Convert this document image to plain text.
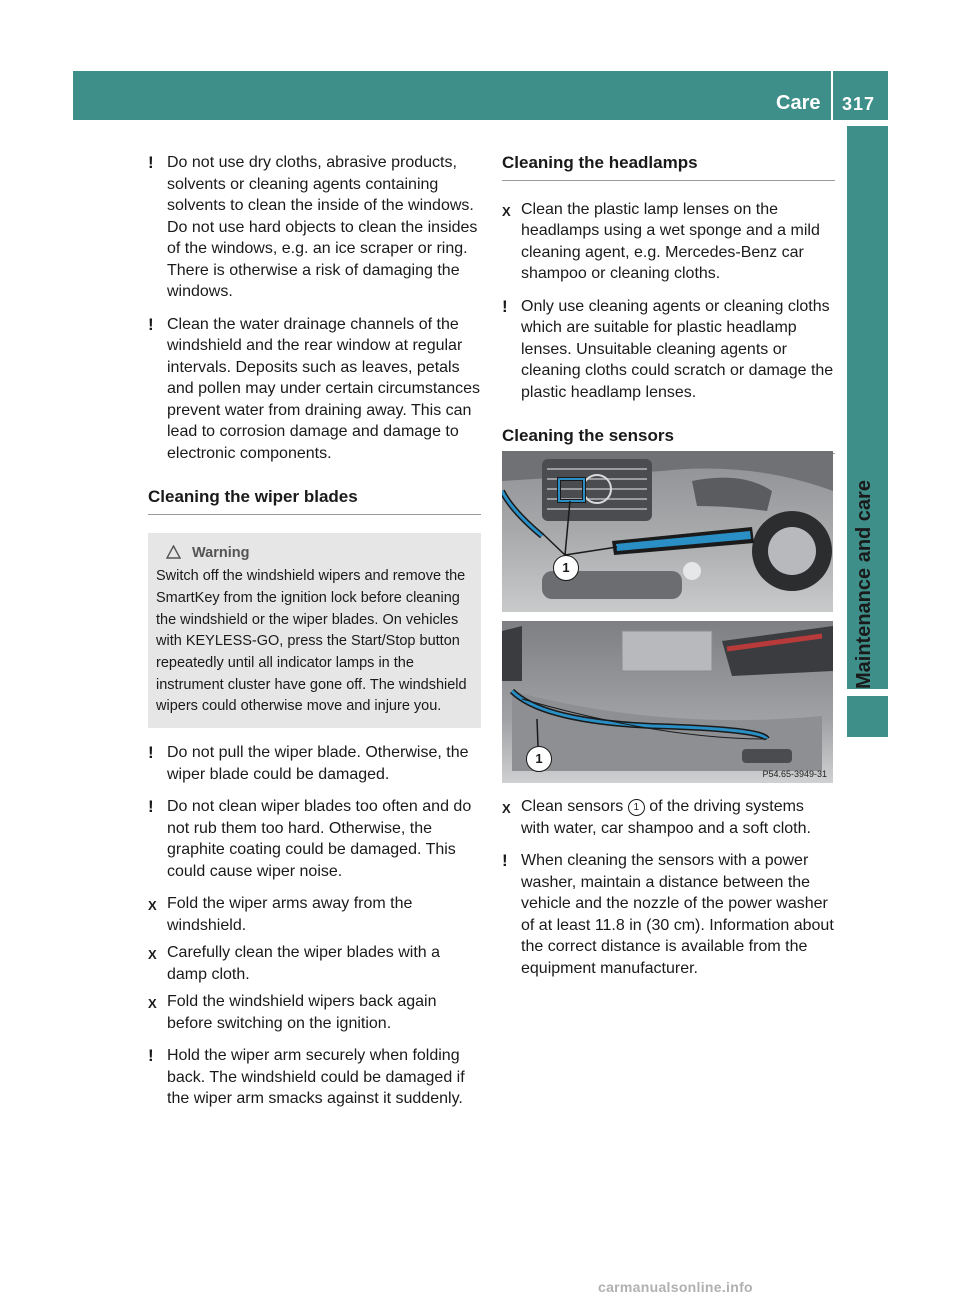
Care 317
Maintenance and care
! Do not use dry cloths, abrasive products, solvents or cleaning agents containing solvents to clean the inside of the windows. Do not use hard objects to clean the insides of the windows, e.g. an ice scraper or ring. There is otherwise a risk of damaging the windows.
! Clean the water drainage channels of the windshield and the rear window at regular intervals. Deposits such as leaves, petals and pollen may under certain circumstances prevent water from draining away. This can lead to corrosion damage and damage to electronic components.
Cleaning the wiper blades
Warning
Switch off the windshield wipers and remove the SmartKey from the ignition lock before cleaning the windshield or the wiper blades. On vehicles with KEYLESS-GO, press the Start/Stop button repeatedly until all indicator lamps in the instrument cluster have gone off. The windshield wipers could otherwise move and injure you.
! Do not pull the wiper blade. Otherwise, the wiper blade could be damaged.
! Do not clean wiper blades too often and do not rub them too hard. Otherwise, the graphite coating could be damaged. This could cause wiper noise.
X Fold the wiper arms away from the windshield.
X Carefully clean the wiper blades with a damp cloth.
X Fold the windshield wipers back again before switching on the ignition.
! Hold the wiper arm securely when folding back. The windshield could be damaged if the wiper arm smacks against it suddenly.
Cleaning the headlamps
X Clean the plastic lamp lenses on the headlamps using a wet sponge and a mild cleaning agent, e.g. Mercedes-Benz car shampoo or cleaning cloths.
! Only use cleaning agents or cleaning cloths which are suitable for plastic headlamp lenses. Unsuitable cleaning agents or cleaning cloths could scratch or damage the plastic headlamp lenses.
Cleaning the sensors
1
1
P54.65-3949-31
X Clean sensors 1 of the driving systems with water, car shampoo and a soft cloth.
! When cleaning the sensors with a power washer, maintain a distance between the vehicle and the nozzle of the power washer of at least 11.8 in (30 cm). Information about the correct distance is available from the equipment manufacturer.
carmanualsonline.info
